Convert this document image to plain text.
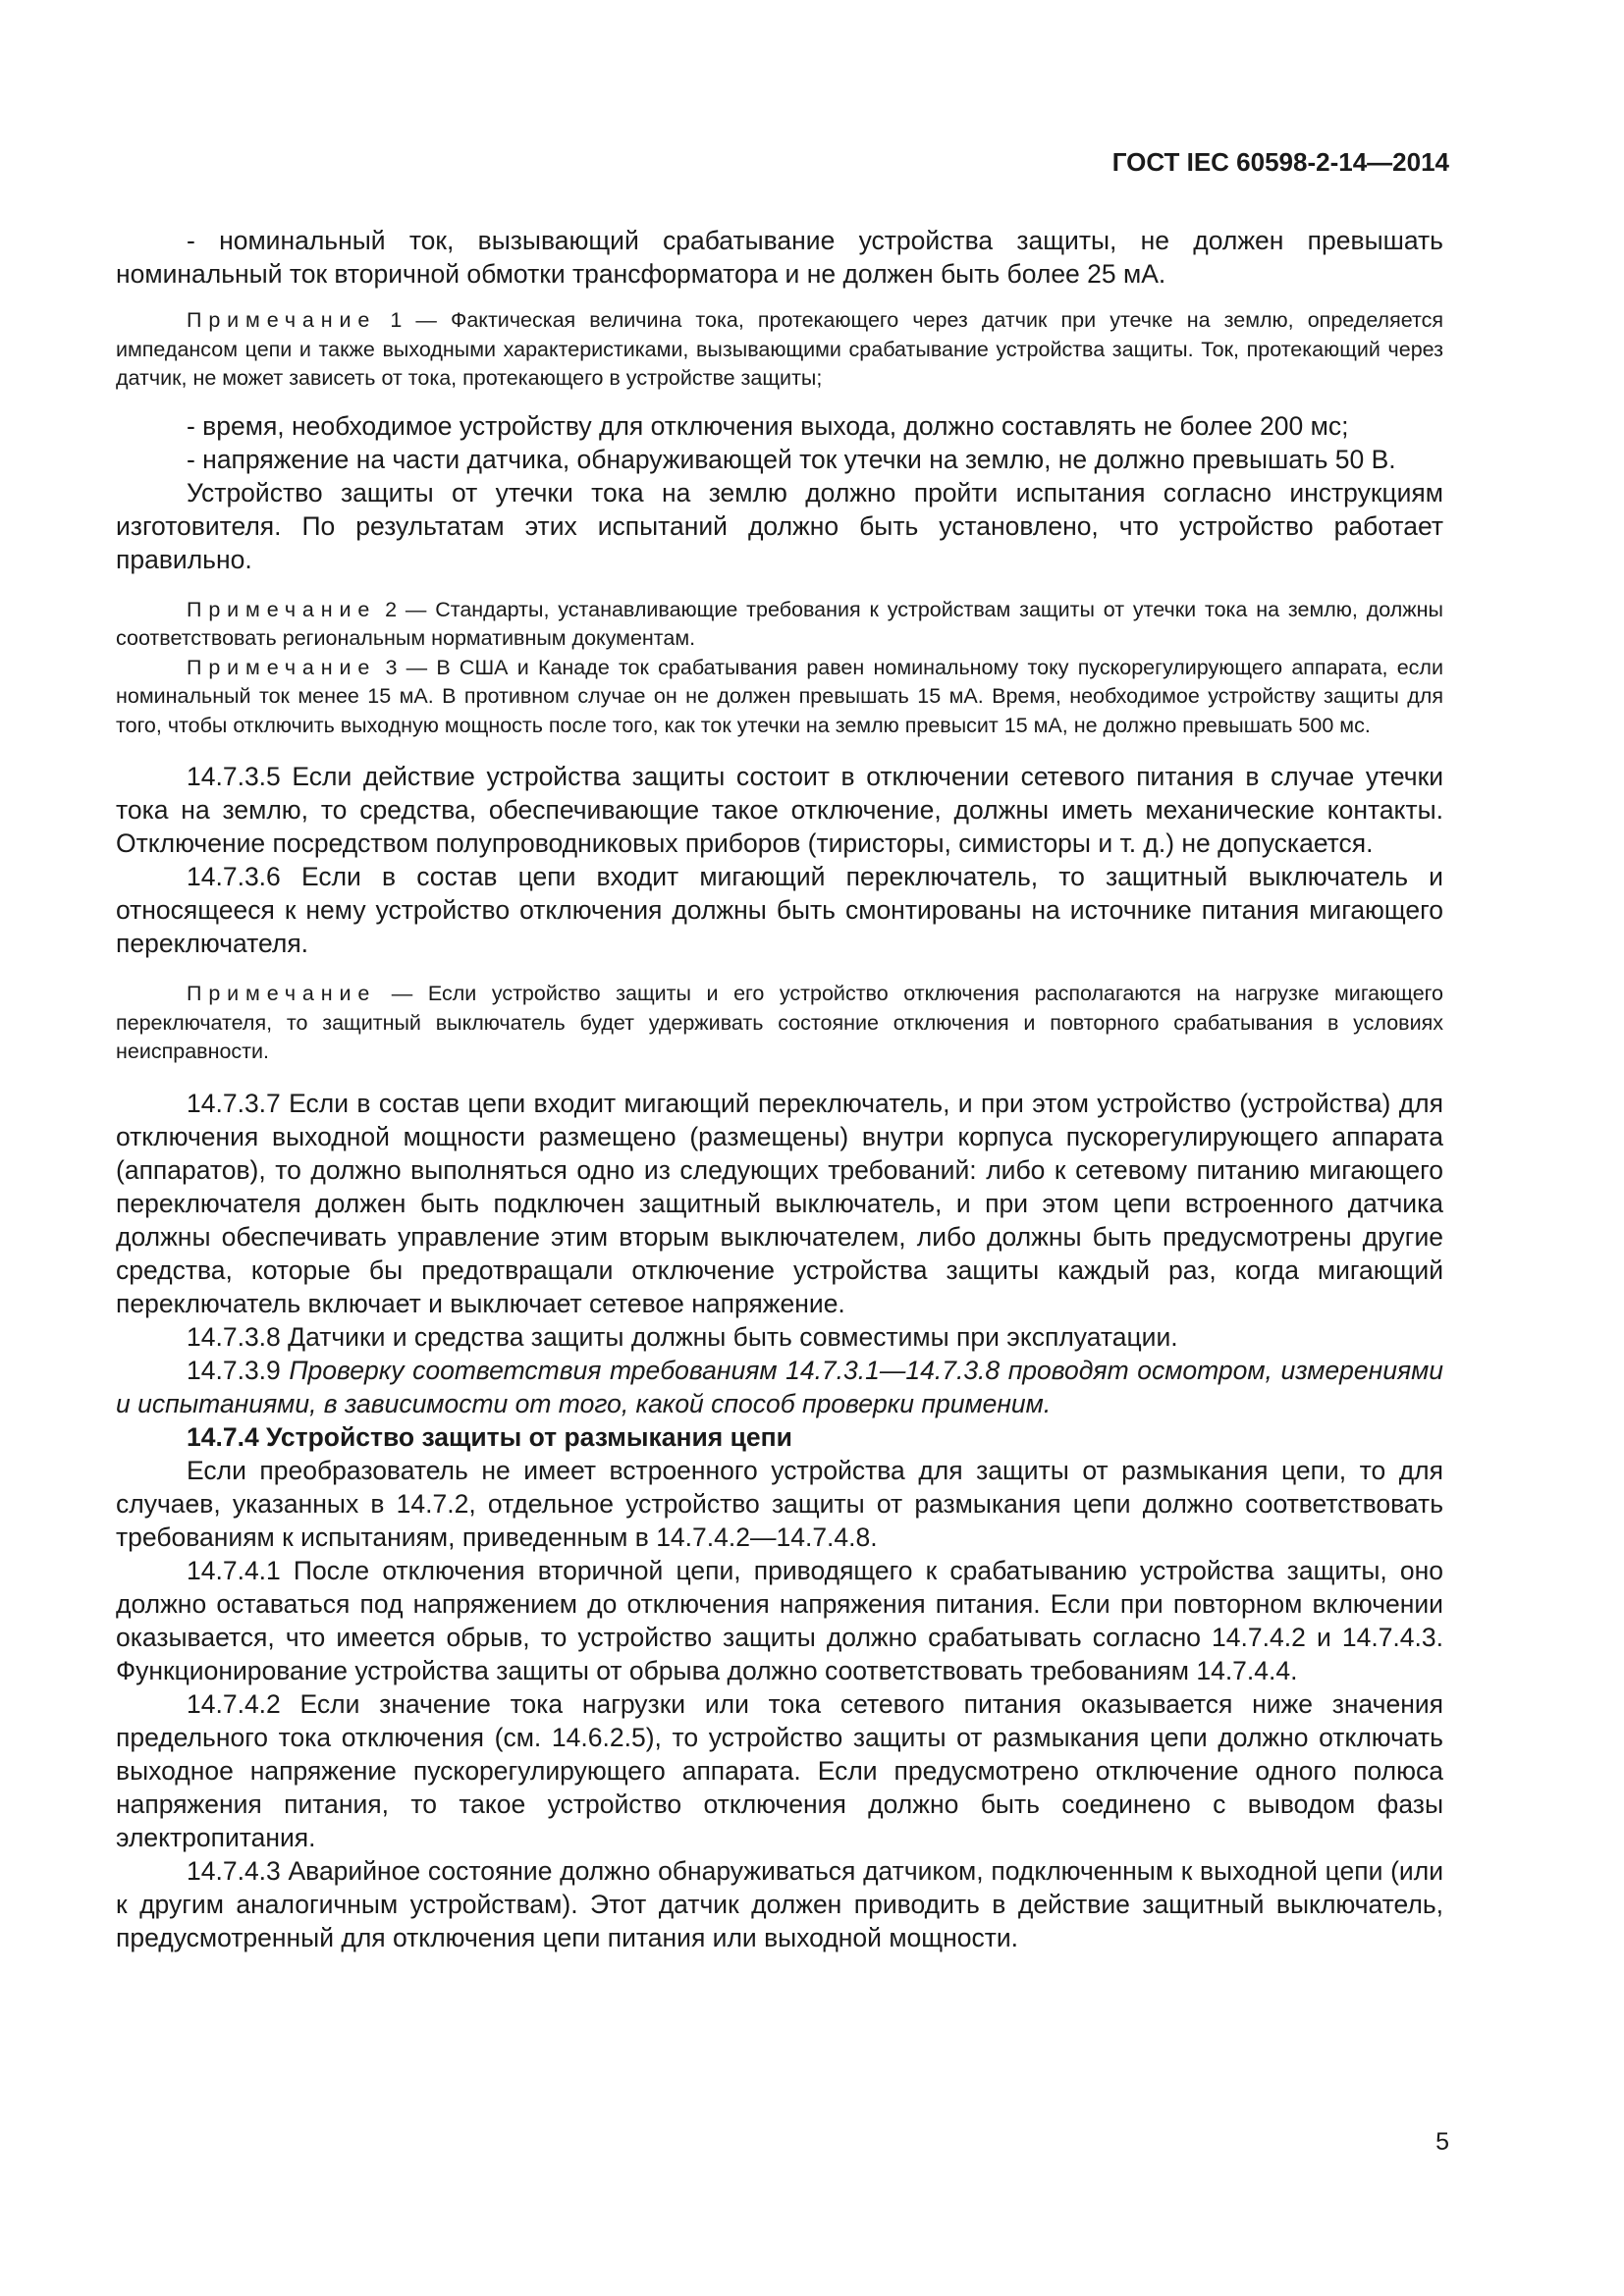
ГОСТ IEC 60598-2-14—2014

- номинальный ток, вызывающий срабатывание устройства защиты, не должен превышать номинальный ток вторичной обмотки трансформатора и не должен быть более 25 мА.

Примечание 1 — Фактическая величина тока, протекающего через датчик при утечке на землю, определяется импедансом цепи и также выходными характеристиками, вызывающими срабатывание устройства защиты. Ток, протекающий через датчик, не может зависеть от тока, протекающего в устройстве защиты;

- время, необходимое устройству для отключения выхода, должно составлять не более 200 мс;

- напряжение на части датчика, обнаруживающей ток утечки на землю, не должно превышать 50 В.

Устройство защиты от утечки тока на землю должно пройти испытания согласно инструкциям изготовителя. По результатам этих испытаний должно быть установлено, что устройство работает правильно.

Примечание 2 — Стандарты, устанавливающие требования к устройствам защиты от утечки тока на землю, должны соответствовать региональным нормативным документам.

Примечание 3 — В США и Канаде ток срабатывания равен номинальному току пускорегулирующего аппарата, если номинальный ток менее 15 мА. В противном случае он не должен превышать 15 мА. Время, необходимое устройству защиты для того, чтобы отключить выходную мощность после того, как ток утечки на землю превысит 15 мА, не должно превышать 500 мс.

14.7.3.5 Если действие устройства защиты состоит в отключении сетевого питания в случае утечки тока на землю, то средства, обеспечивающие такое отключение, должны иметь механические контакты. Отключение посредством полупроводниковых приборов (тиристоры, симисторы и т. д.) не допускается.

14.7.3.6 Если в состав цепи входит мигающий переключатель, то защитный выключатель и относящееся к нему устройство отключения должны быть смонтированы на источнике питания мигающего переключателя.

Примечание — Если устройство защиты и его устройство отключения располагаются на нагрузке мигающего переключателя, то защитный выключатель будет удерживать состояние отключения и повторного срабатывания в условиях неисправности.

14.7.3.7 Если в состав цепи входит мигающий переключатель, и при этом устройство (устройства) для отключения выходной мощности размещено (размещены) внутри корпуса пускорегулирующего аппарата (аппаратов), то должно выполняться одно из следующих требований: либо к сетевому питанию мигающего переключателя должен быть подключен защитный выключатель, и при этом цепи встроенного датчика должны обеспечивать управление этим вторым выключателем, либо должны быть предусмотрены другие средства, которые бы предотвращали отключение устройства защиты каждый раз, когда мигающий переключатель включает и выключает сетевое напряжение.

14.7.3.8 Датчики и средства защиты должны быть совместимы при эксплуатации.

14.7.3.9 Проверку соответствия требованиям 14.7.3.1—14.7.3.8 проводят осмотром, измерениями и испытаниями, в зависимости от того, какой способ проверки применим.

14.7.4 Устройство защиты от размыкания цепи

Если преобразователь не имеет встроенного устройства для защиты от размыкания цепи, то для случаев, указанных в 14.7.2, отдельное устройство защиты от размыкания цепи должно соответствовать требованиям к испытаниям, приведенным в 14.7.4.2—14.7.4.8.

14.7.4.1 После отключения вторичной цепи, приводящего к срабатыванию устройства защиты, оно должно оставаться под напряжением до отключения напряжения питания. Если при повторном включении оказывается, что имеется обрыв, то устройство защиты должно срабатывать согласно 14.7.4.2 и 14.7.4.3. Функционирование устройства защиты от обрыва должно соответствовать требованиям 14.7.4.4.

14.7.4.2 Если значение тока нагрузки или тока сетевого питания оказывается ниже значения предельного тока отключения (см. 14.6.2.5), то устройство защиты от размыкания цепи должно отключать выходное напряжение пускорегулирующего аппарата. Если предусмотрено отключение одного полюса напряжения питания, то такое устройство отключения должно быть соединено с выводом фазы электропитания.

14.7.4.3 Аварийное состояние должно обнаруживаться датчиком, подключенным к выходной цепи (или к другим аналогичным устройствам). Этот датчик должен приводить в действие защитный выключатель, предусмотренный для отключения цепи питания или выходной мощности.

5
